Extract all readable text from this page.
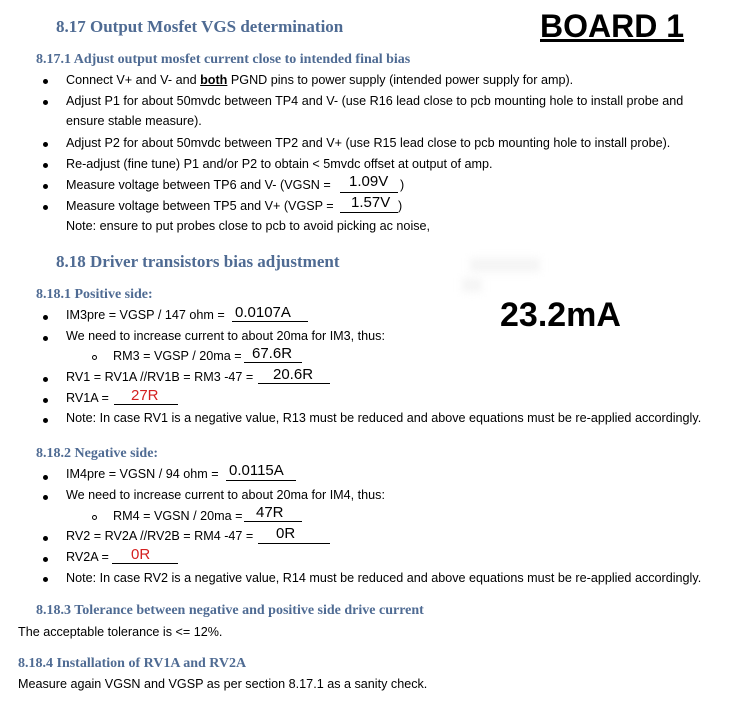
8.17 Output Mosfet VGS determination	BOARD 1
8.17.1 Adjust output mosfet current close to intended final bias
Connect V+ and V- and both PGND pins to power supply (intended power supply for amp).
Adjust P1 for about 50mvdc between TP4 and V- (use R16 lead close to pcb mounting hole to install probe and
ensure stable measure).
Adjust P2 for about 50mvdc between TP2 and V+ (use R15 lead close to pcb mounting hole to install probe).
Re-adjust (fine tune) P1 and/or P2 to obtain < 5mvdc offset at output of amp.
Measure voltage between TP6 and V- (VGSN = 1.09V )
Measure voltage between TP5 and V+ (VGSP = 1.57V )
Note: ensure to put probes close to pcb to avoid picking ac noise,
8.18 Driver transistors bias adjustment
23.2mA
8.18.1 Positive side:
IM3pre = VGSP / 147 ohm = 0.0107A
We need to increase current to about 20ma for IM3, thus:
RM3 = VGSP / 20ma = 67.6R
RV1 = RV1A //RV1B = RM3 -47 = 20.6R
RV1A = 27R
Note: In case RV1 is a negative value, R13 must be reduced and above equations must be re-applied accordingly.
8.18.2 Negative side:
IM4pre = VGSN / 94 ohm = 0.0115A
We need to increase current to about 20ma for IM4, thus:
RM4 = VGSN / 20ma = 47R
RV2 = RV2A //RV2B = RM4 -47 = 0R
RV2A = 0R
Note: In case RV2 is a negative value, R14 must be reduced and above equations must be re-applied accordingly.
8.18.3 Tolerance between negative and positive side drive current
The acceptable tolerance is <= 12%.
8.18.4 Installation of RV1A and RV2A
Measure again VGSN and VGSP as per section 8.17.1 as a sanity check.
